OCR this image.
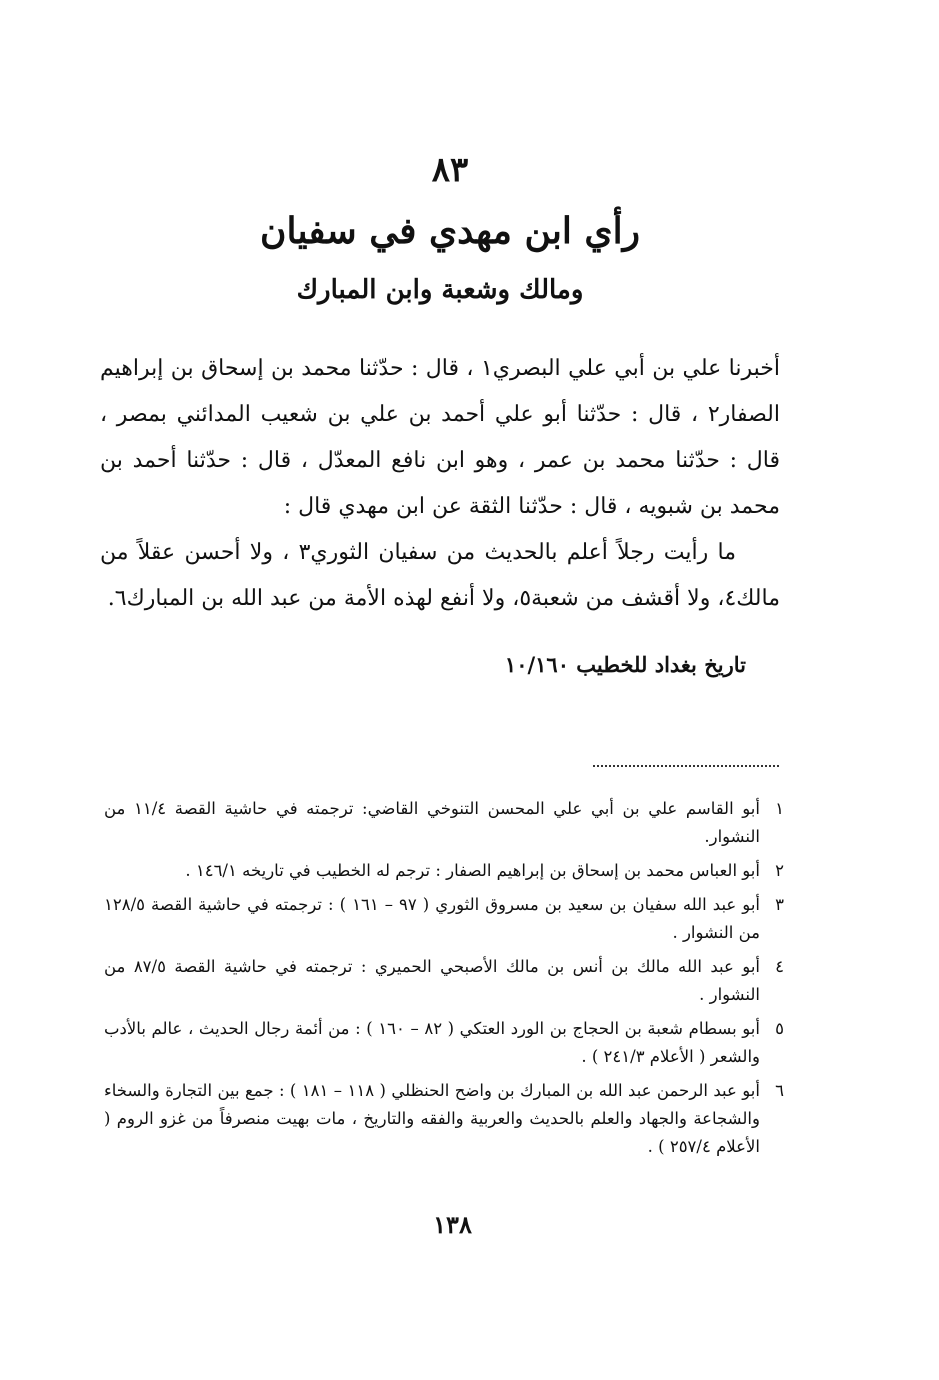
٨٣
رأي ابن مهدي في سفيان
ومالك وشعبة وابن المبارك

أخبرنا علي بن أبي علي البصري١ ، قال : حدّثنا محمد بن إسحاق بن إبراهيم الصفار٢ ، قال : حدّثنا أبو علي أحمد بن علي بن شعيب المدائني بمصر ، قال : حدّثنا محمد بن عمر ، وهو ابن نافع المعدّل ، قال : حدّثنا أحمد بن محمد بن شبويه ، قال : حدّثنا الثقة عن ابن مهدي قال :

ما رأيت رجلاً أعلم بالحديث من سفيان الثوري٣ ، ولا أحسن عقلاً من مالك٤، ولا أقشف من شعبة٥، ولا أنفع لهذه الأمة من عبد الله بن المبارك٦.

تاريخ بغداد للخطيب ١٠/١٦٠
١
أبو القاسم علي بن أبي علي المحسن التنوخي القاضي: ترجمته في حاشية القصة ١١/٤ من النشوار.
٢
أبو العباس محمد بن إسحاق بن إبراهيم الصفار : ترجم له الخطيب في تاريخه ١٤٦/١ .
٣
أبو عبد الله سفيان بن سعيد بن مسروق الثوري ( ٩٧ – ١٦١ ) : ترجمته في حاشية القصة ١٢٨/٥ من النشوار .
٤
أبو عبد الله مالك بن أنس بن مالك الأصبحي الحميري : ترجمته في حاشية القصة ٨٧/٥ من النشوار .
٥
أبو بسطام شعبة بن الحجاج بن الورد العتكي ( ٨٢ – ١٦٠ ) : من أئمة رجال الحديث ، عالم بالأدب والشعر ( الأعلام ٢٤١/٣ ) .
٦
أبو عبد الرحمن عبد الله بن المبارك بن واضح الحنظلي ( ١١٨ – ١٨١ ) : جمع بين التجارة والسخاء والشجاعة والجهاد والعلم بالحديث والعربية والفقه والتاريخ ، مات بهيت منصرفاً من غزو الروم ( الأعلام ٢٥٧/٤ ) .
١٣٨
